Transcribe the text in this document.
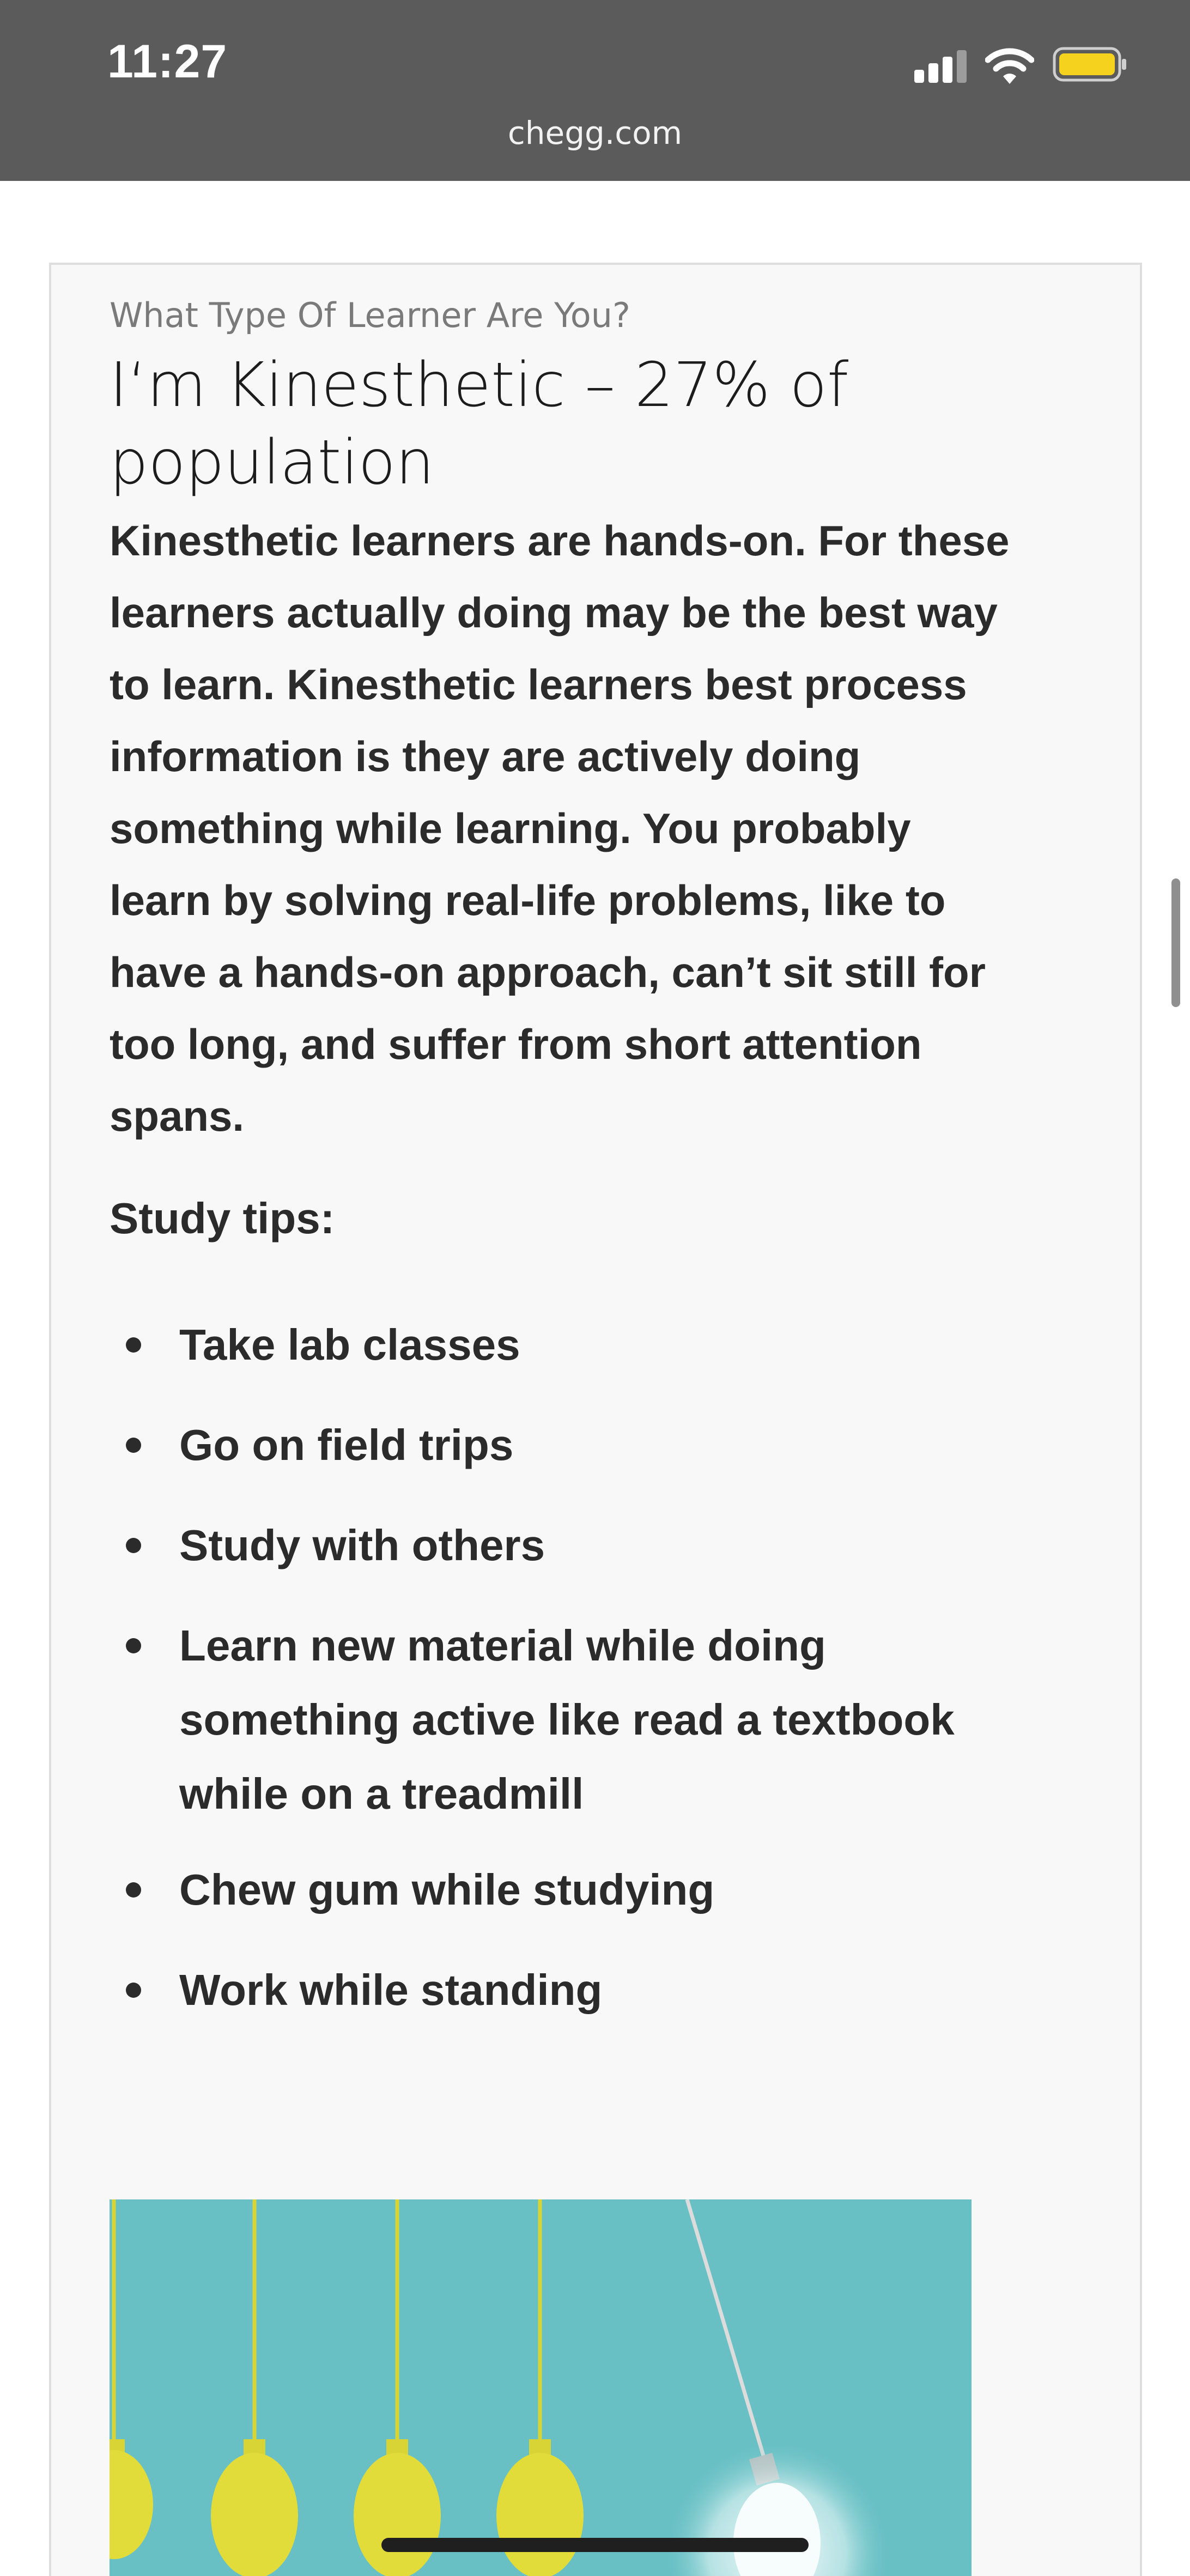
11:27
chegg.com
What Type Of Learner Are You?
I‘m Kinesthetic – 27% of
population

Kinesthetic learners are hands-on. For these
learners actually doing may be the best way
to learn. Kinesthetic learners best process
information is they are actively doing
something while learning. You probably
learn by solving real-life problems, like to
have a hands-on approach, can’t sit still for
too long, and suffer from short attention
spans.

Study tips:
Take lab classes
Go on field trips
Study with others
Learn new material while doing
something active like read a textbook
while on a treadmill
Chew gum while studying
Work while standing
